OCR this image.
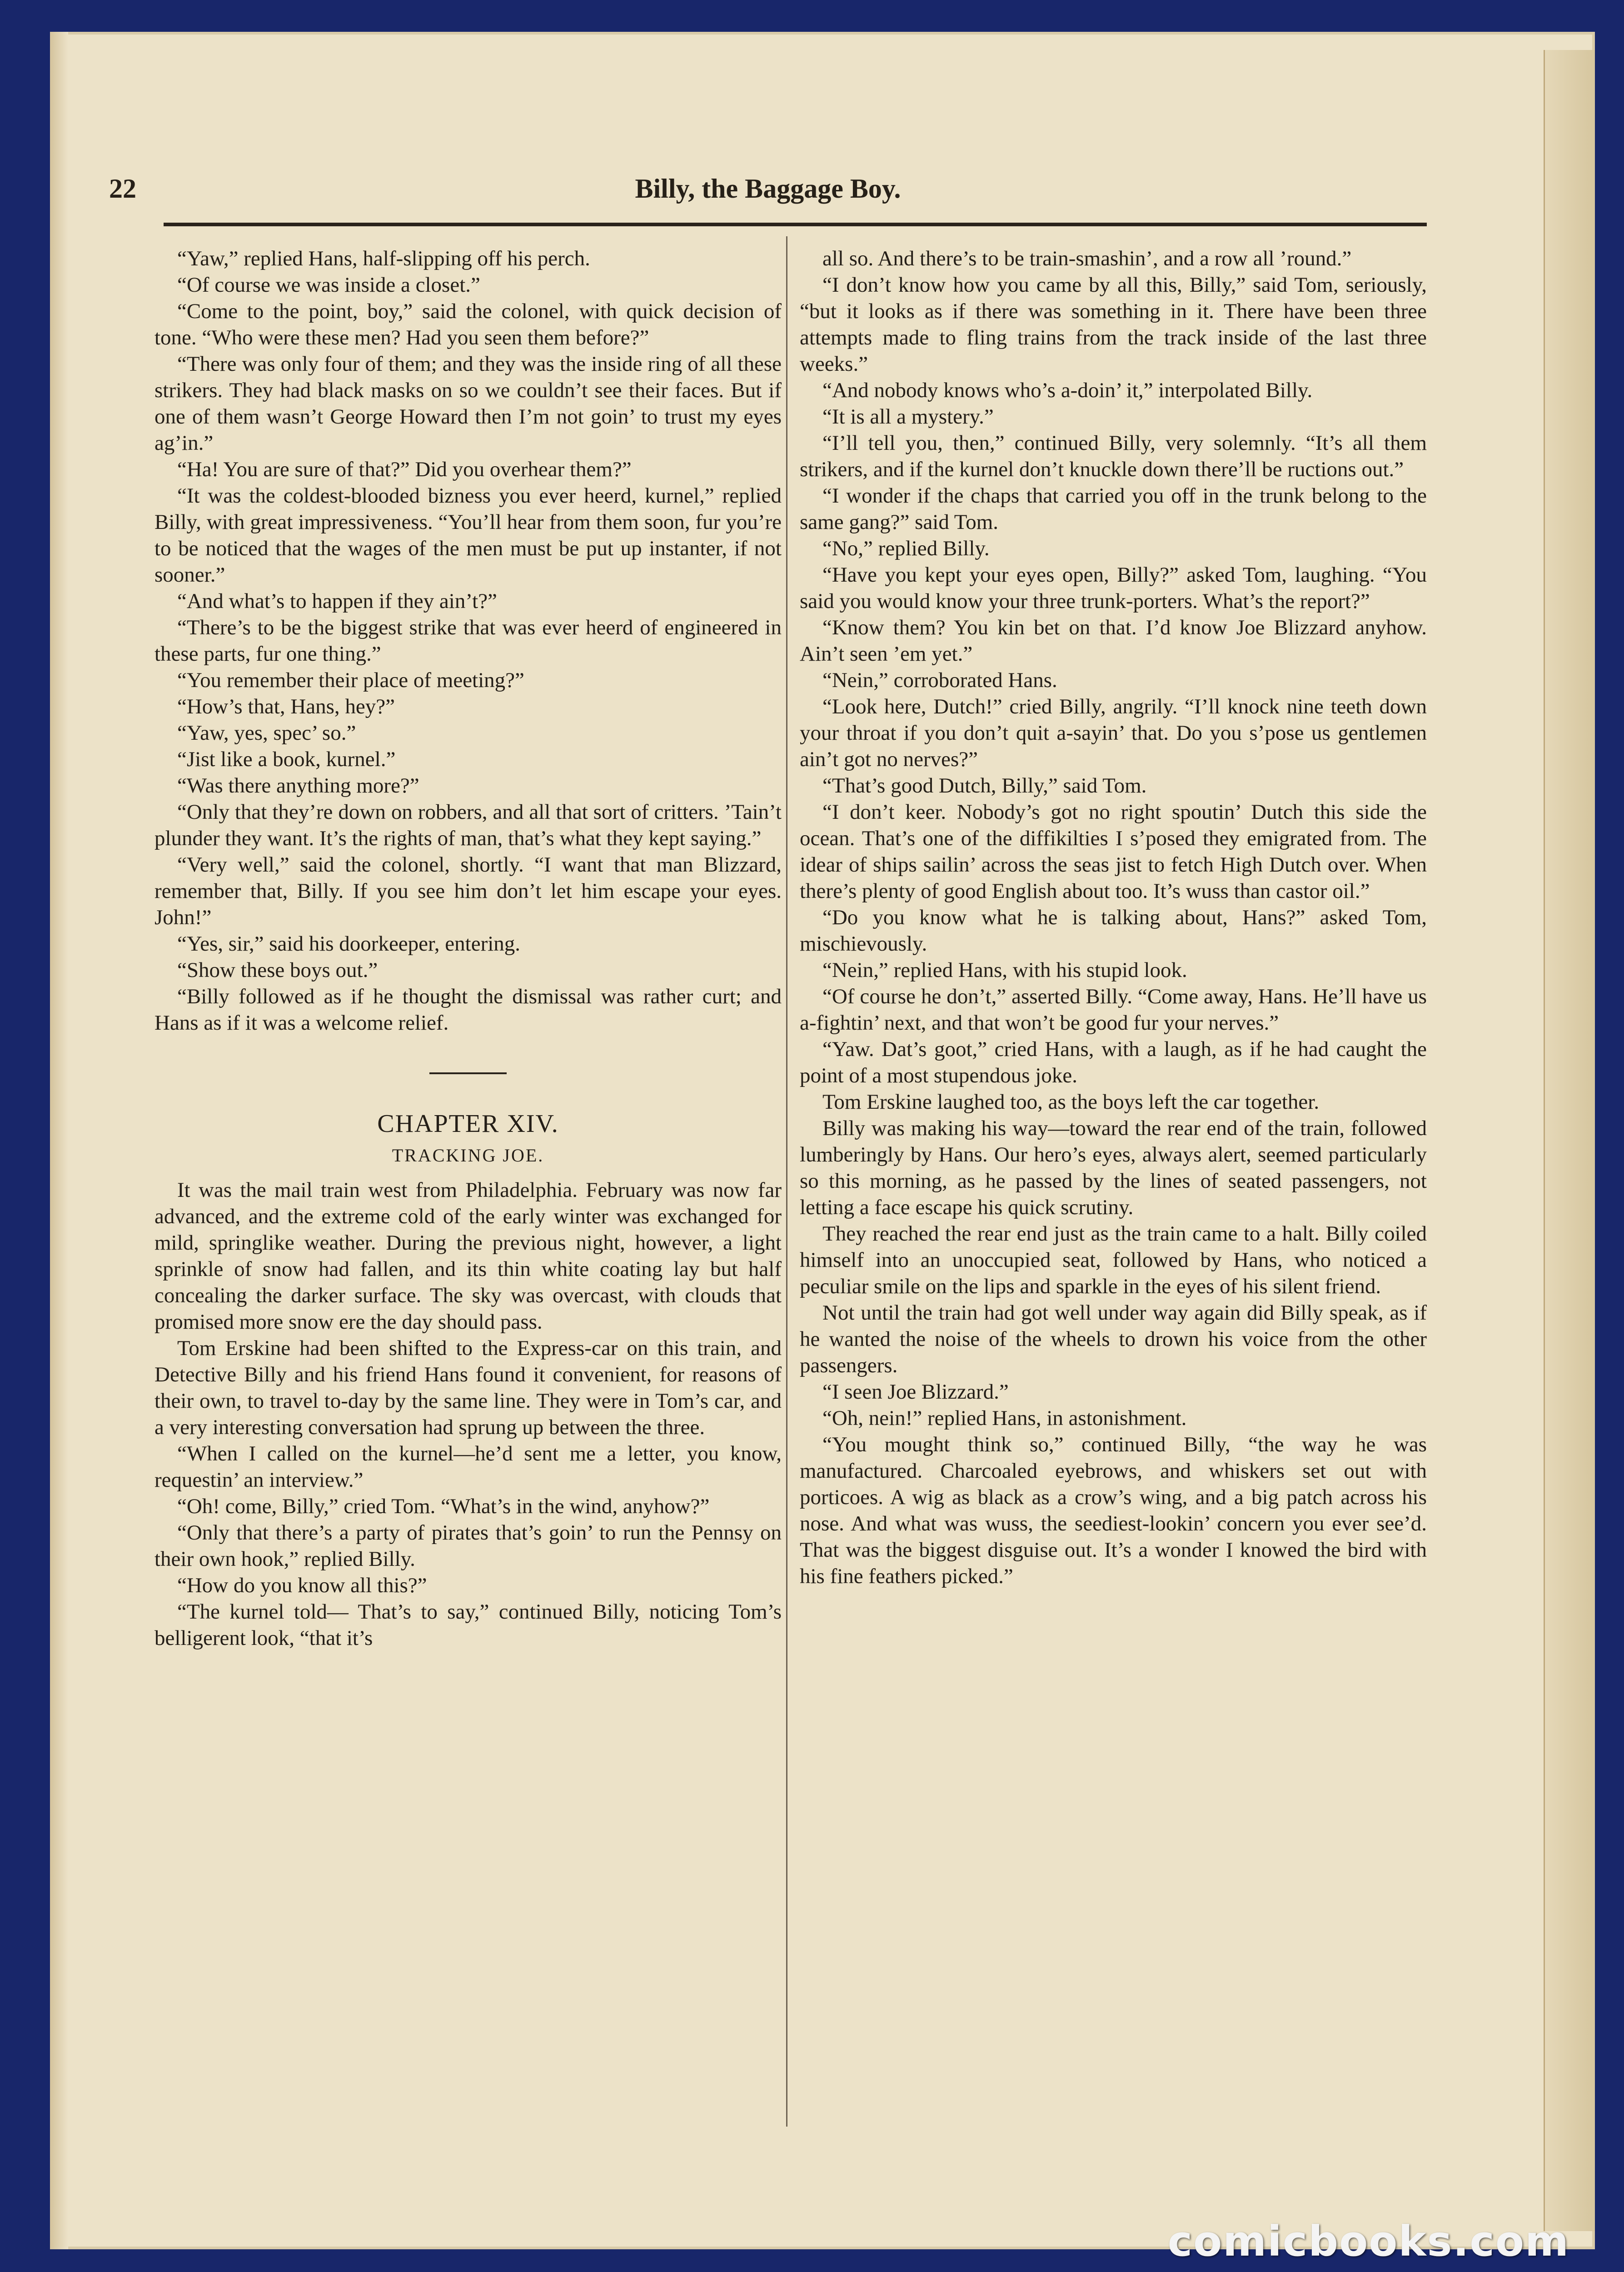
22	Billy, the Baggage Boy.

“Yaw,” replied Hans, half-slipping off his perch.

“Of course we was inside a closet.”

“Come to the point, boy,” said the colonel, with quick decision of tone. “Who were these men? Had you seen them before?”

“There was only four of them; and they was the inside ring of all these strikers. They had black masks on so we couldn’t see their faces. But if one of them wasn’t George Howard then I’m not goin’ to trust my eyes ag’in.”

“Ha! You are sure of that?” Did you overhear them?”

“It was the coldest-blooded bizness you ever heerd, kurnel,” replied Billy, with great impressiveness. “You’ll hear from them soon, fur you’re to be noticed that the wages of the men must be put up instanter, if not sooner.”

“And what’s to happen if they ain’t?”

“There’s to be the biggest strike that was ever heerd of engineered in these parts, fur one thing.”

“You remember their place of meeting?”

“How’s that, Hans, hey?”

“Yaw, yes, spec’ so.”

“Jist like a book, kurnel.”

“Was there anything more?”

“Only that they’re down on robbers, and all that sort of critters. ’Tain’t plunder they want. It’s the rights of man, that’s what they kept saying.”

“Very well,” said the colonel, shortly. “I want that man Blizzard, remember that, Billy. If you see him don’t let him escape your eyes. John!”

“Yes, sir,” said his doorkeeper, entering.

“Show these boys out.”

“Billy followed as if he thought the dismissal was rather curt; and Hans as if it was a welcome relief.

CHAPTER XIV.

TRACKING JOE.

It was the mail train west from Philadelphia. February was now far advanced, and the extreme cold of the early winter was exchanged for mild, springlike weather. During the previous night, however, a light sprinkle of snow had fallen, and its thin white coating lay but half concealing the darker surface. The sky was overcast, with clouds that promised more snow ere the day should pass.

Tom Erskine had been shifted to the Express-car on this train, and Detective Billy and his friend Hans found it convenient, for reasons of their own, to travel to-day by the same line. They were in Tom’s car, and a very interesting conversation had sprung up between the three.

“When I called on the kurnel—he’d sent me a letter, you know, requestin’ an interview.”

“Oh! come, Billy,” cried Tom. “What’s in the wind, anyhow?”

“Only that there’s a party of pirates that’s goin’ to run the Pennsy on their own hook,” replied Billy.

“How do you know all this?”

“The kurnel told— That’s to say,” continued Billy, noticing Tom’s belligerent look, “that it’s

all so. And there’s to be train-smashin’, and a row all ’round.”

“I don’t know how you came by all this, Billy,” said Tom, seriously, “but it looks as if there was something in it. There have been three attempts made to fling trains from the track inside of the last three weeks.”

“And nobody knows who’s a-doin’ it,” interpolated Billy.

“It is all a mystery.”

“I’ll tell you, then,” continued Billy, very solemnly. “It’s all them strikers, and if the kurnel don’t knuckle down there’ll be ructions out.”

“I wonder if the chaps that carried you off in the trunk belong to the same gang?” said Tom.

“No,” replied Billy.

“Have you kept your eyes open, Billy?” asked Tom, laughing. “You said you would know your three trunk-porters. What’s the report?”

“Know them? You kin bet on that. I’d know Joe Blizzard anyhow. Ain’t seen ’em yet.”

“Nein,” corroborated Hans.

“Look here, Dutch!” cried Billy, angrily. “I’ll knock nine teeth down your throat if you don’t quit a-sayin’ that. Do you s’pose us gentlemen ain’t got no nerves?”

“That’s good Dutch, Billy,” said Tom.

“I don’t keer. Nobody’s got no right spoutin’ Dutch this side the ocean. That’s one of the diffikilties I s’posed they emigrated from. The idear of ships sailin’ across the seas jist to fetch High Dutch over. When there’s plenty of good English about too. It’s wuss than castor oil.”

“Do you know what he is talking about, Hans?” asked Tom, mischievously.

“Nein,” replied Hans, with his stupid look.

“Of course he don’t,” asserted Billy. “Come away, Hans. He’ll have us a-fightin’ next, and that won’t be good fur your nerves.”

“Yaw. Dat’s goot,” cried Hans, with a laugh, as if he had caught the point of a most stupendous joke.

Tom Erskine laughed too, as the boys left the car together.

Billy was making his way—toward the rear end of the train, followed lumberingly by Hans. Our hero’s eyes, always alert, seemed particularly so this morning, as he passed by the lines of seated passengers, not letting a face escape his quick scrutiny.

They reached the rear end just as the train came to a halt. Billy coiled himself into an unoccupied seat, followed by Hans, who noticed a peculiar smile on the lips and sparkle in the eyes of his silent friend.

Not until the train had got well under way again did Billy speak, as if he wanted the noise of the wheels to drown his voice from the other passengers.

“I seen Joe Blizzard.”

“Oh, nein!” replied Hans, in astonishment.

“You mought think so,” continued Billy, “the way he was manufactured. Charcoaled eyebrows, and whiskers set out with porticoes. A wig as black as a crow’s wing, and a big patch across his nose. And what was wuss, the seediest-lookin’ concern you ever see’d. That was the biggest disguise out. It’s a wonder I knowed the bird with his fine feathers picked.”

comicbooks.com
